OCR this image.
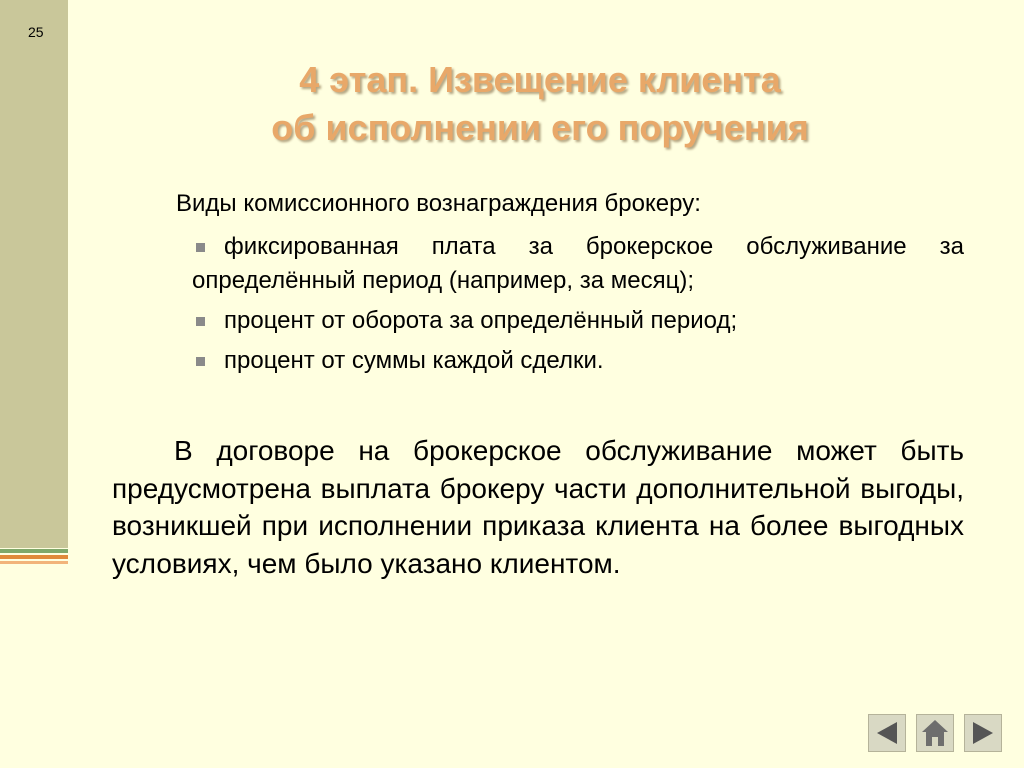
25
4 этап. Извещение клиента
об исполнении его поручения
Виды комиссионного вознаграждения брокеру:
фиксированная плата за брокерское обслуживание за определённый период (например, за месяц);
процент от оборота за определённый период;
процент от суммы каждой сделки.
В договоре на брокерское обслуживание может быть предусмотрена выплата брокеру части дополнительной выгоды, возникшей при исполнении приказа клиента на более выгодных условиях, чем было указано клиентом.
